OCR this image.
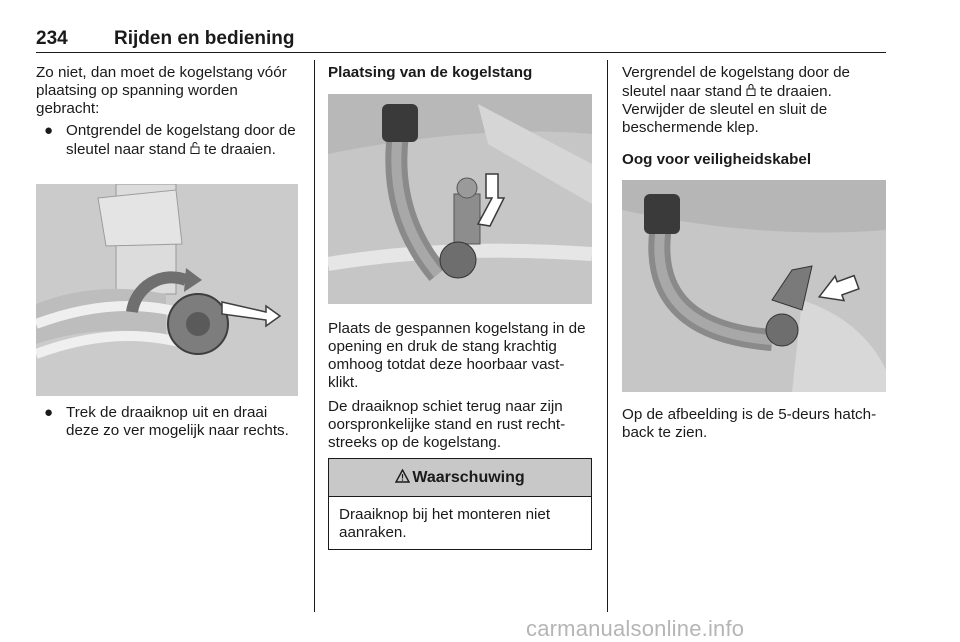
234 Rijden en bediening

Zo niet, dan moet de kogelstang vóór plaatsing op spanning worden gebracht:

● Ontgrendel de kogelstang door de sleutel naar stand te draaien.
● Trek de draaiknop uit en draai deze zo ver mogelijk naar rechts.

Plaatsing van de kogelstang

Plaats de gespannen kogelstang in de opening en druk de stang krachtig omhoog totdat deze hoorbaar vast-klikt.

De draaiknop schiet terug naar zijn oorspronkelijke stand en rust recht-streeks op de kogelstang.

Waarschuwing
Draaiknop bij het monteren niet aanraken.

Vergrendel de kogelstang door de sleutel naar stand te draaien. Verwijder de sleutel en sluit de beschermende klep.

Oog voor veiligheidskabel

Op de afbeelding is de 5-deurs hatch-back te zien.

carmanualsonline.info
